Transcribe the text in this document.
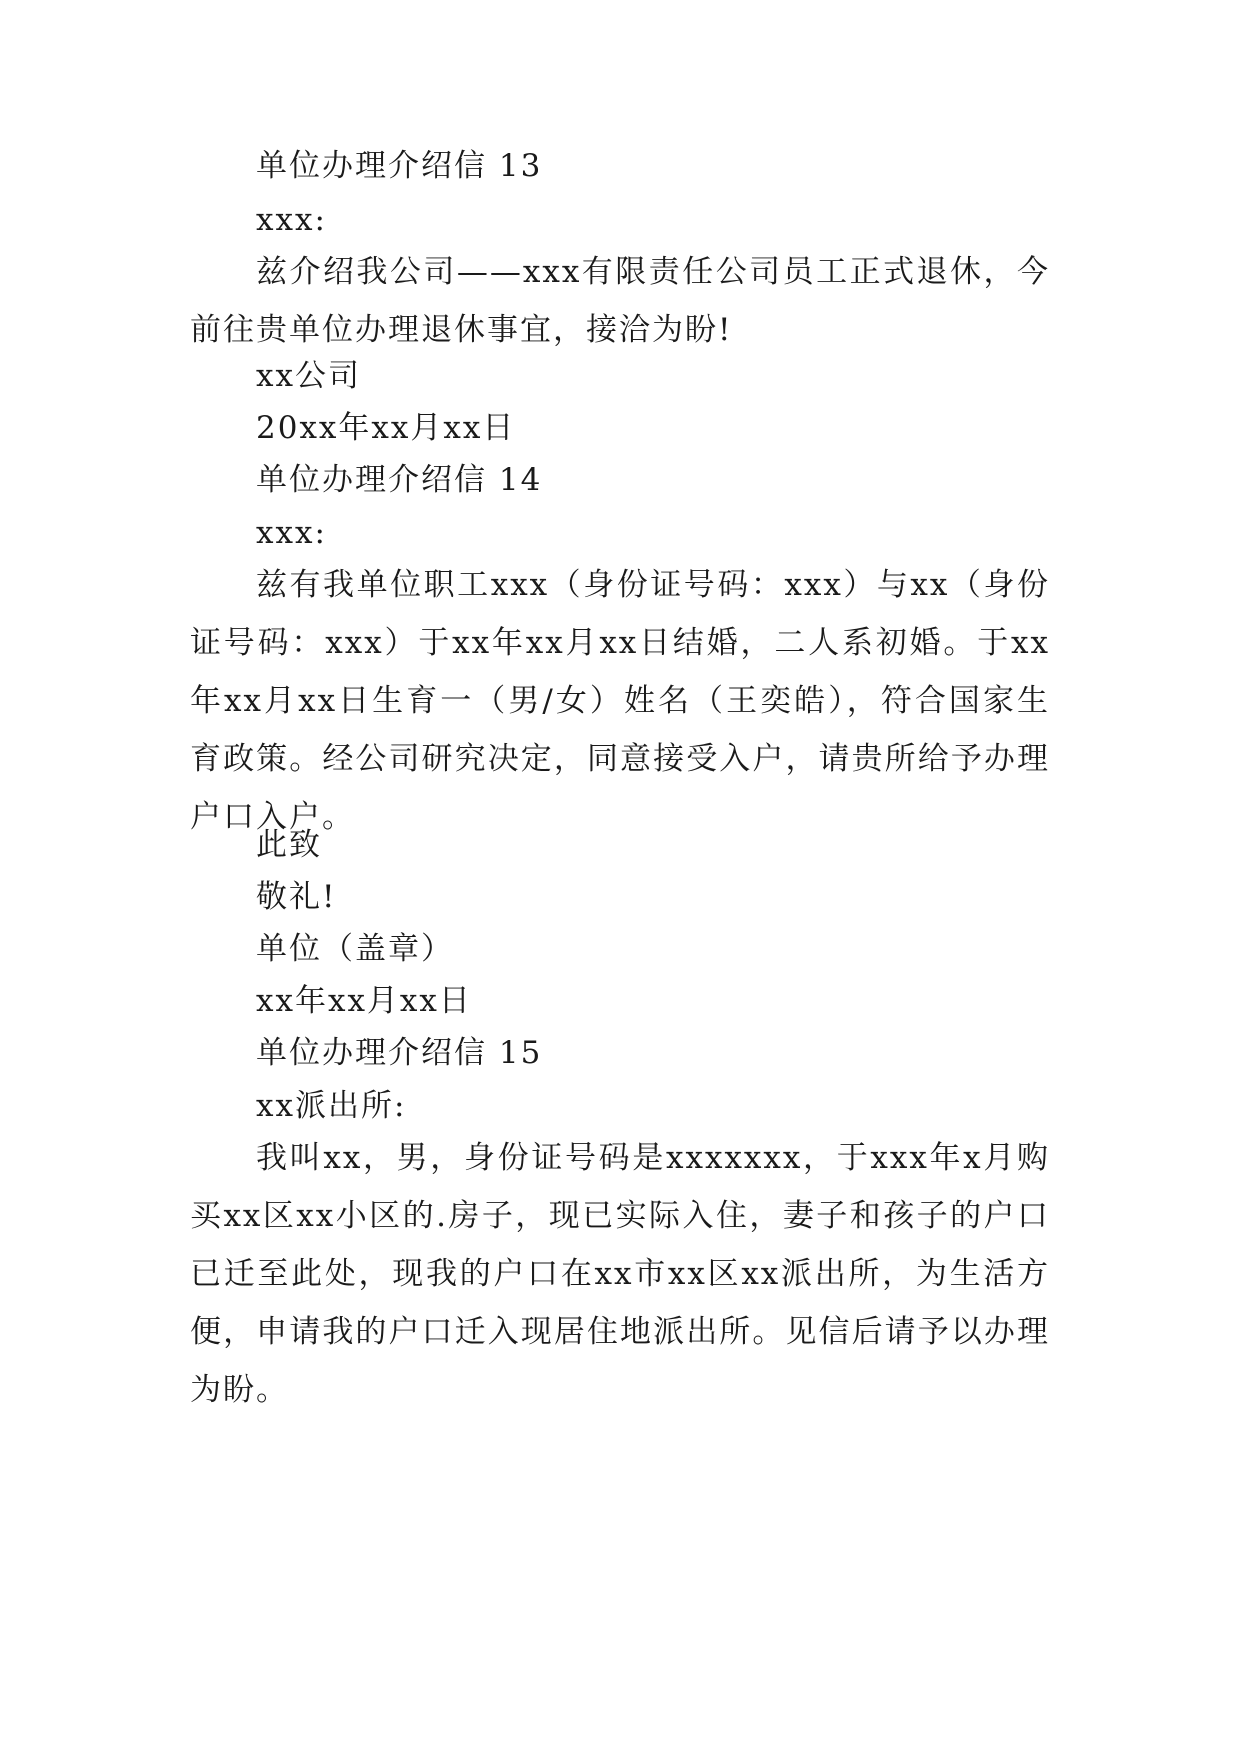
单位办理介绍信 13
xxx:
兹介绍我公司——xxx有限责任公司员工正式退休，今前往贵单位办理退休事宜，接洽为盼!
xx公司
20xx年xx月xx日
单位办理介绍信 14
xxx:
兹有我单位职工xxx（身份证号码：xxx）与xx（身份证号码：xxx）于xx年xx月xx日结婚，二人系初婚。于xx年xx月xx日生育一（男/女）姓名（王奕皓），符合国家生育政策。经公司研究决定，同意接受入户，请贵所给予办理户口入户。
此致
敬礼!
单位（盖章）
xx年xx月xx日
单位办理介绍信 15
xx派出所:
我叫xx，男，身份证号码是xxxxxxx，于xxx年x月购买xx区xx小区的.房子，现已实际入住，妻子和孩子的户口已迁至此处，现我的户口在xx市xx区xx派出所，为生活方便，申请我的户口迁入现居住地派出所。见信后请予以办理为盼。
